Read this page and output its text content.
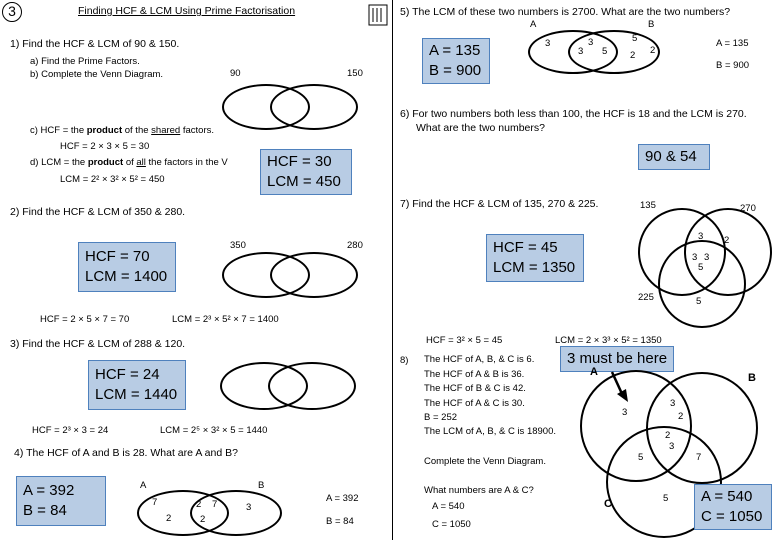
3	Finding HCF & LCM Using Prime Factorisation
1) Find the HCF & LCM of 90 & 150.
a) Find the Prime Factors.
b) Complete the Venn Diagram.	90	150
c) HCF = the product of the shared factors.
HCF = 2 × 3 × 5 = 30
d) LCM = the product of all the factors in the V
LCM = 2² × 3² × 5² = 450
HCF = 30
LCM = 450
2) Find the HCF & LCM of 350 & 280.
HCF = 70
LCM = 1400
350	280
HCF = 2 × 5 × 7 = 70	LCM = 2³ × 5² × 7 = 1400
3) Find the HCF & LCM of 288 & 120.
HCF = 24
LCM = 1440
HCF = 2³ × 3 = 24	LCM = 2⁵ × 3² × 5 = 1440
4) The HCF of A and B is 28. What are A and B?
A = 392
B = 84
A	B
7
2
2 7
2
3
A = 392
B = 84
5) The LCM of these two numbers is 2700. What are the two numbers?
A = 135
B = 900
A	B
3	3
3 5
5
2 2
A = 135
B = 900
6) For two numbers both less than 100, the HCF is 18 and the LCM is 270.
What are the two numbers?
90 & 54
7) Find the HCF & LCM of 135, 270 & 225.
HCF = 45
LCM = 1350
135	270
225
3 2
3 3
5
5
HCF = 3² × 5 = 45	LCM = 2 × 3³ × 5² = 1350
8) The HCF of A, B, & C is 6.
The HCF of A & B is 36.
The HCF of B & C is 42.
The HCF of A & C is 30.
B = 252
The LCM of A, B, & C is 18900.
Complete the Venn Diagram.
What numbers are A & C?
A = 540
C = 1050
3 must be here
A	B
C
3
3
2
2
3
5	7
5 A = 540
C = 1050
